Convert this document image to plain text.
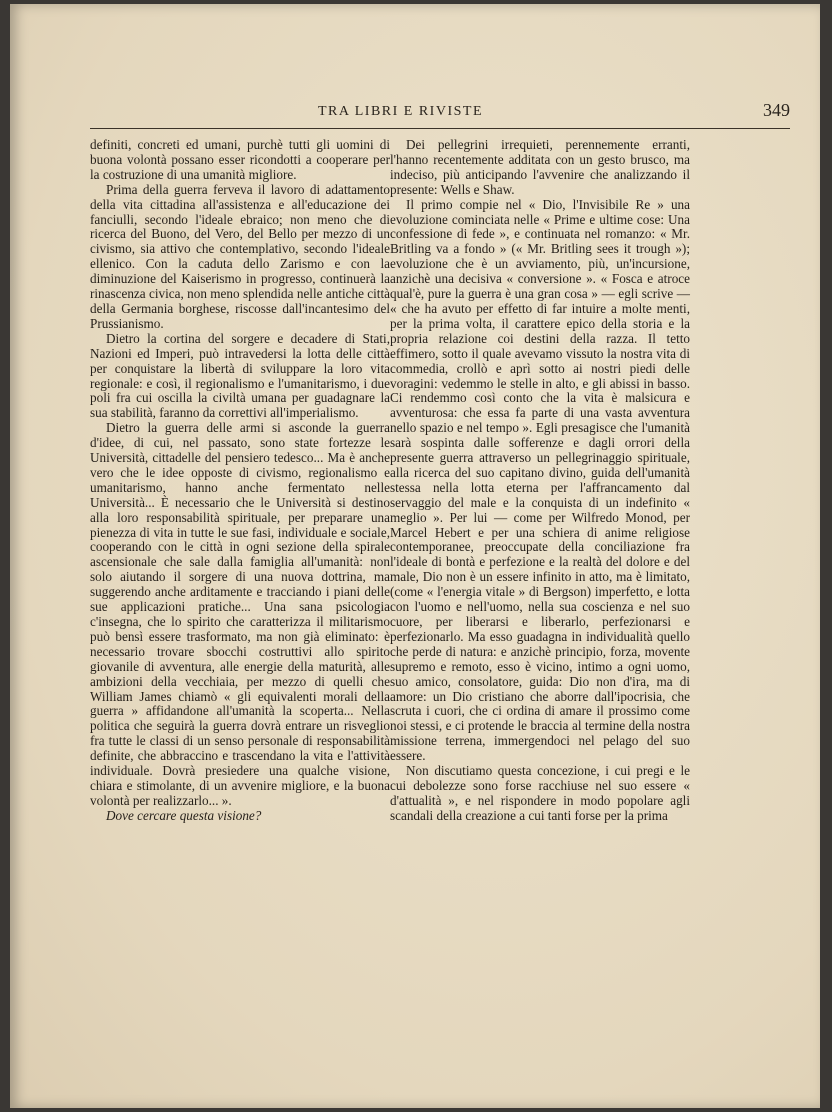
TRA LIBRI E RIVISTE	349

definiti, concreti ed umani, purchè tutti gli uomini di buona volontà possano esser ricondotti a cooperare per la costruzione di una umanità migliore.

Prima della guerra ferveva il lavoro di adattamento della vita cittadina all'assistenza e all'educazione dei fanciulli, secondo l'ideale ebraico; non meno che di ricerca del Buono, del Vero, del Bello per mezzo di un civismo, sia attivo che contemplativo, secondo l'ideale ellenico. Con la caduta dello Zarismo e con la diminuzione del Kaiserismo in progresso, continuerà la rinascenza civica, non meno splendida nelle antiche città della Germania borghese, riscosse dall'incantesimo del Prussianismo.

Dietro la cortina del sorgere e decadere di Stati, Nazioni ed Imperi, può intravedersi la lotta delle città per conquistare la libertà di sviluppare la loro vita regionale: e così, il regionalismo e l'umanitarismo, i due poli fra cui oscilla la civiltà umana per guadagnare la sua stabilità, faranno da correttivi all'imperialismo.

Dietro la guerra delle armi si asconde la guerra d'idee, di cui, nel passato, sono state fortezze le Università, cittadelle del pensiero tedesco... Ma è anche vero che le idee opposte di civismo, regionalismo e umanitarismo, hanno anche fermentato nelle Università... È necessario che le Università si destino alla loro responsabilità spirituale, per preparare una pienezza di vita in tutte le sue fasi, individuale e sociale, cooperando con le città in ogni sezione della spirale ascensionale che sale dalla famiglia all'umanità: non solo aiutando il sorgere di una nuova dottrina, ma suggerendo anche arditamente e tracciando i piani delle sue applicazioni pratiche... Una sana psicologia c'insegna, che lo spirito che caratterizza il militarismo può bensì essere trasformato, ma non già eliminato: è necessario trovare sbocchi costruttivi allo spirito giovanile di avventura, alle energie della maturità, alle ambizioni della vecchiaia, per mezzo di quelli che William James chiamò « gli equivalenti morali della guerra » affidandone all'umanità la scoperta... Nella politica che seguirà la guerra dovrà entrare un risveglio fra tutte le classi di un senso personale di responsabilità definite, che abbraccino e trascendano la vita e l'attività individuale. Dovrà presiedere una qualche visione, chiara e stimolante, di un avvenire migliore, e la buona volontà per realizzarlo... ».

Dove cercare questa visione?

Dei pellegrini irrequieti, perennemente erranti, l'hanno recentemente additata con un gesto brusco, ma indeciso, più anticipando l'avvenire che analizzando il presente: Wells e Shaw.

Il primo compie nel « Dio, l'Invisibile Re » una evoluzione cominciata nelle « Prime e ultime cose: Una confessione di fede », e continuata nel romanzo: « Mr. Britling va a fondo » (« Mr. Britling sees it trough »); evoluzione che è un avviamento, più, un'incursione, anzichè una decisiva « conversione ». « Fosca e atroce qual'è, pure la guerra è una gran cosa » — egli scrive — « che ha avuto per effetto di far intuire a molte menti, per la prima volta, il carattere epico della storia e la propria relazione coi destini della razza. Il tetto effimero, sotto il quale avevamo vissuto la nostra vita di commedia, crollò e aprì sotto ai nostri piedi delle voragini: vedemmo le stelle in alto, e gli abissi in basso. Ci rendemmo così conto che la vita è malsicura e avventurosa: che essa fa parte di una vasta avventura nello spazio e nel tempo ». Egli presagisce che l'umanità sarà sospinta dalle sofferenze e dagli orrori della presente guerra attraverso un pellegrinaggio spirituale, alla ricerca del suo capitano divino, guida dell'umanità stessa nella lotta eterna per l'affrancamento dal servaggio del male e la conquista di un indefinito « meglio ». Per lui — come per Wilfredo Monod, per Marcel Hebert e per una schiera di anime religiose contemporanee, preoccupate della conciliazione fra l'ideale di bontà e perfezione e la realtà del dolore e del male, Dio non è un essere infinito in atto, ma è limitato, (come « l'energia vitale » di Bergson) imperfetto, e lotta con l'uomo e nell'uomo, nella sua coscienza e nel suo cuore, per liberarsi e liberarlo, perfezionarsi e perfezionarlo. Ma esso guadagna in individualità quello che perde di natura: e anzichè principio, forza, movente supremo e remoto, esso è vicino, intimo a ogni uomo, suo amico, consolatore, guida: Dio non d'ira, ma di amore: un Dio cristiano che aborre dall'ipocrisia, che scruta i cuori, che ci ordina di amare il prossimo come noi stessi, e ci protende le braccia al termine della nostra missione terrena, immergendoci nel pelago del suo essere.

Non discutiamo questa concezione, i cui pregi e le cui debolezze sono forse racchiuse nel suo essere « d'attualità », e nel rispondere in modo popolare agli scandali della creazione a cui tanti forse per la prima
